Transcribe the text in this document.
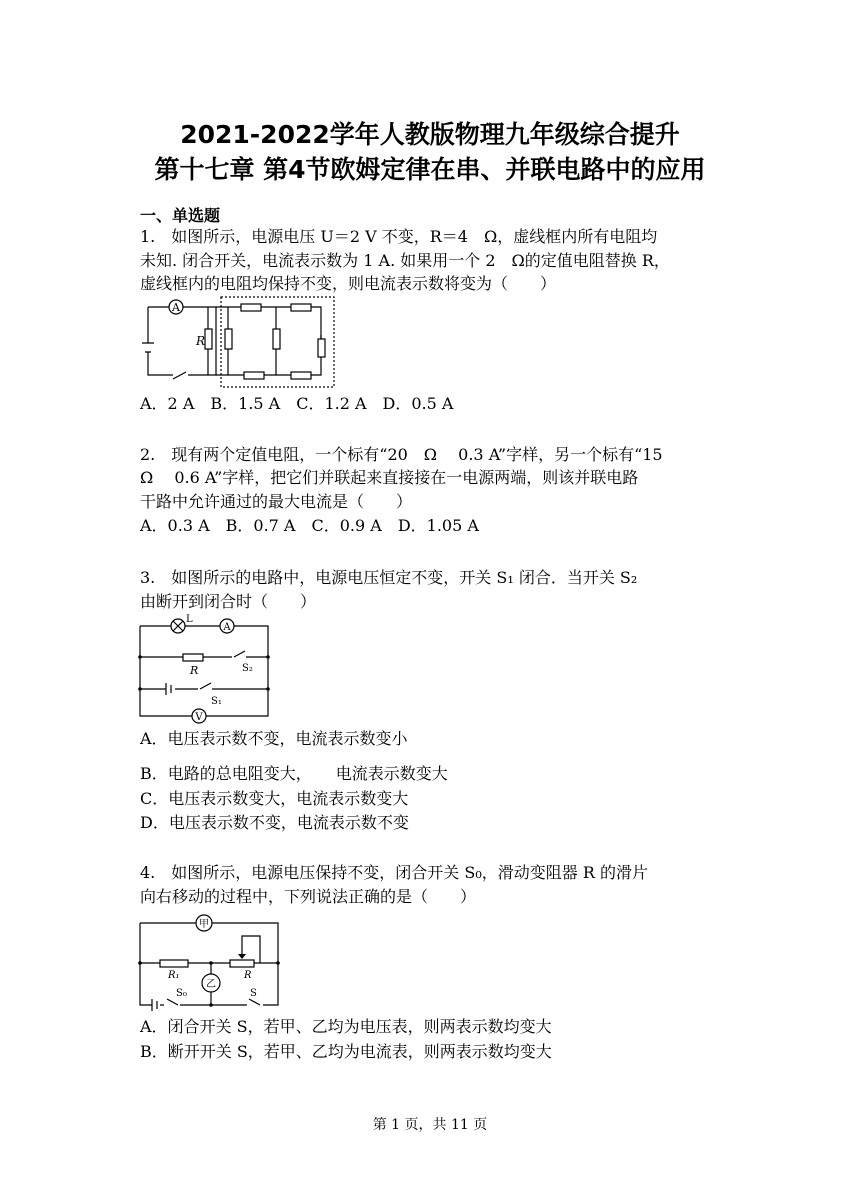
2021-2022学年人教版物理九年级综合提升
第十七章 第4节欧姆定律在串、并联电路中的应用
一、单选题
1.　如图所示，电源电压 U＝2 V 不变，R＝4　Ω，虚线框内所有电阻均
未知. 闭合开关，电流表示数为 1 A. 如果用一个 2　Ω的定值电阻替换 R，
虚线框内的电阻均保持不变，则电流表示数将变为（　　）
A
R
A．2 A　B．1.5 A　C．1.2 A　D．0.5 A
2.　现有两个定值电阻，一个标有“20　Ω　 0.3 A”字样，另一个标有“15
Ω　 0.6 A”字样，把它们并联起来直接接在一电源两端，则该并联电路
干路中允许通过的最大电流是（　　）
A．0.3 A　B．0.7 A　C．0.9 A　D．1.05 A
3.　如图所示的电路中，电源电压恒定不变，开关 S₁ 闭合．当开关 S₂
由断开到闭合时（　　）
L
A
R	S₂
S₁
V
A．电压表示数不变，电流表示数变小
B．电路的总电阻变大，　　电流表示数变大
C．电压表示数变大，电流表示数变大
D．电压表示数不变，电流表示数不变
4.　如图所示，电源电压保持不变，闭合开关 S₀，滑动变阻器 R 的滑片
向右移动的过程中，下列说法正确的是（　　）
甲
乙
R₁	R
S₀	S
A．闭合开关 S，若甲、乙均为电压表，则两表示数均变大
B．断开开关 S，若甲、乙均为电流表，则两表示数均变大
第 1 页，共 11 页
